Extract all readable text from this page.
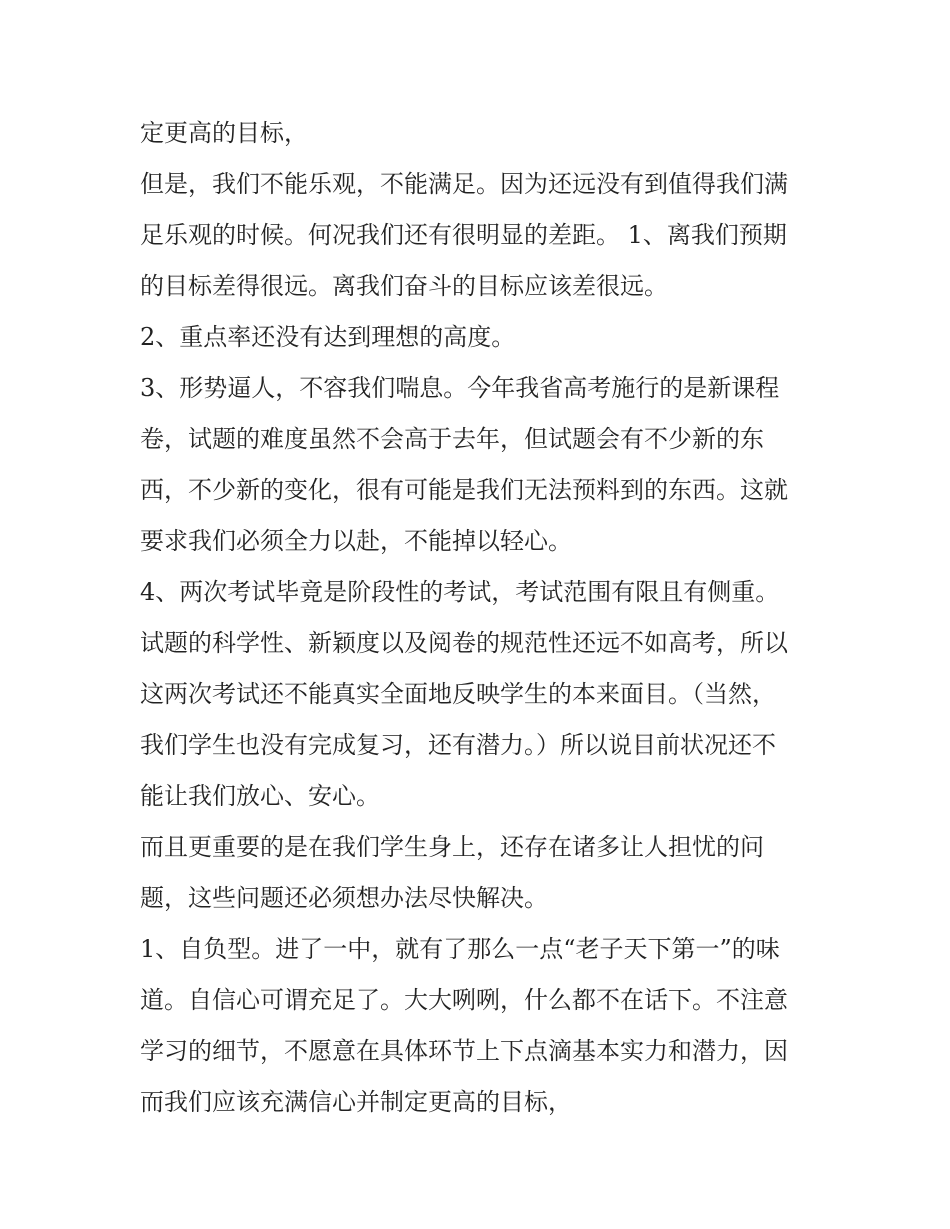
定更高的目标，
但是，我们不能乐观，不能满足。因为还远没有到值得我们满
足乐观的时候。何况我们还有很明显的差距。 1、离我们预期
的目标差得很远。离我们奋斗的目标应该差很远。
2、重点率还没有达到理想的高度。
3、形势逼人，不容我们喘息。今年我省高考施行的是新课程
卷，试题的难度虽然不会高于去年，但试题会有不少新的东
西，不少新的变化，很有可能是我们无法预料到的东西。这就
要求我们必须全力以赴，不能掉以轻心。
4、两次考试毕竟是阶段性的考试，考试范围有限且有侧重。
试题的科学性、新颖度以及阅卷的规范性还远不如高考，所以
这两次考试还不能真实全面地反映学生的本来面目。（当然，
我们学生也没有完成复习，还有潜力。）所以说目前状况还不
能让我们放心、安心。
而且更重要的是在我们学生身上，还存在诸多让人担忧的问
题，这些问题还必须想办法尽快解决。
1、自负型。进了一中，就有了那么一点“老子天下第一”的味
道。自信心可谓充足了。大大咧咧，什么都不在话下。不注意
学习的细节，不愿意在具体环节上下点滴基本实力和潜力，因
而我们应该充满信心并制定更高的目标，
